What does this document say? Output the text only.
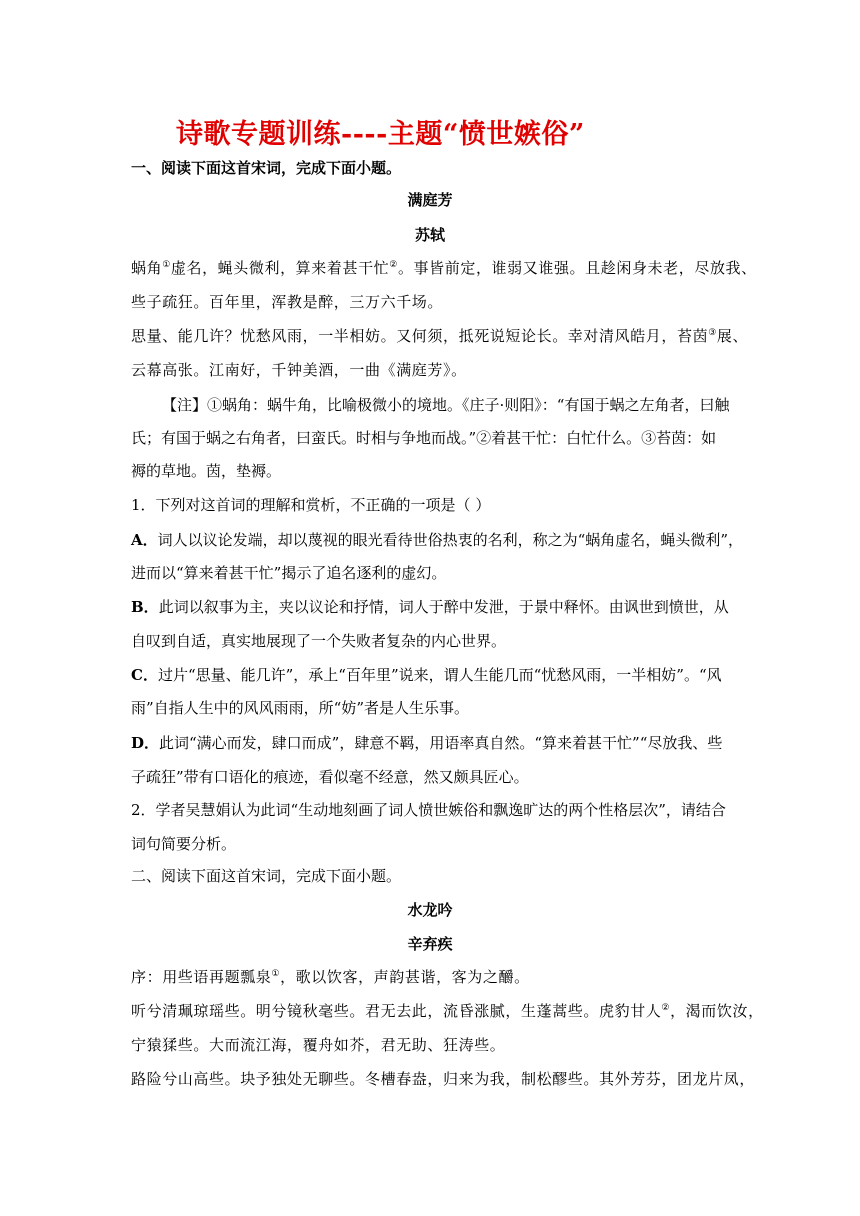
诗歌专题训练----主题“愤世嫉俗”
一、阅读下面这首宋词，完成下面小题。
满庭芳
苏轼
蜗角①虚名，蝇头微利，算来着甚干忙②。事皆前定，谁弱又谁强。且趁闲身未老，尽放我、
些子疏狂。百年里，浑教是醉，三万六千场。
思量、能几许？忧愁风雨，一半相妨。又何须，抵死说短论长。幸对清风皓月，苔茵③展、
云幕高张。江南好，千钟美酒，一曲《满庭芳》。
【注】①蜗角：蜗牛角，比喻极微小的境地。《庄子·则阳》：“有国于蜗之左角者，曰触
氏；有国于蜗之右角者，曰蛮氏。时相与争地而战。”②着甚干忙：白忙什么。③苔茵：如
褥的草地。茵，垫褥。
1．下列对这首词的理解和赏析，不正确的一项是（ ）
A．词人以议论发端，却以蔑视的眼光看待世俗热衷的名利，称之为“蜗角虚名，蝇头微利”，
进而以“算来着甚干忙”揭示了追名逐利的虚幻。
B．此词以叙事为主，夹以议论和抒情，词人于醉中发泄，于景中释怀。由讽世到愤世，从
自叹到自适，真实地展现了一个失败者复杂的内心世界。
C．过片“思量、能几许”，承上“百年里”说来，谓人生能几而“忧愁风雨，一半相妨”。“风
雨”自指人生中的风风雨雨，所“妨”者是人生乐事。
D．此词“满心而发，肆口而成”，肆意不羁，用语率真自然。“算来着甚干忙”“尽放我、些
子疏狂”带有口语化的痕迹，看似毫不经意，然又颇具匠心。
2．学者吴慧娟认为此词“生动地刻画了词人愤世嫉俗和飘逸旷达的两个性格层次”，请结合
词句简要分析。
二、阅读下面这首宋词，完成下面小题。
水龙吟
辛弃疾
序：用些语再题瓢泉①，歌以饮客，声韵甚谐，客为之釂。
听兮清珮琼瑶些。明兮镜秋毫些。君无去此，流昏涨腻，生蓬蒿些。虎豹甘人②，渴而饮汝，
宁猿猱些。大而流江海，覆舟如芥，君无助、狂涛些。
路险兮山高些。块予独处无聊些。冬槽春盎，归来为我，制松醪些。其外芳芬，团龙片凤，
